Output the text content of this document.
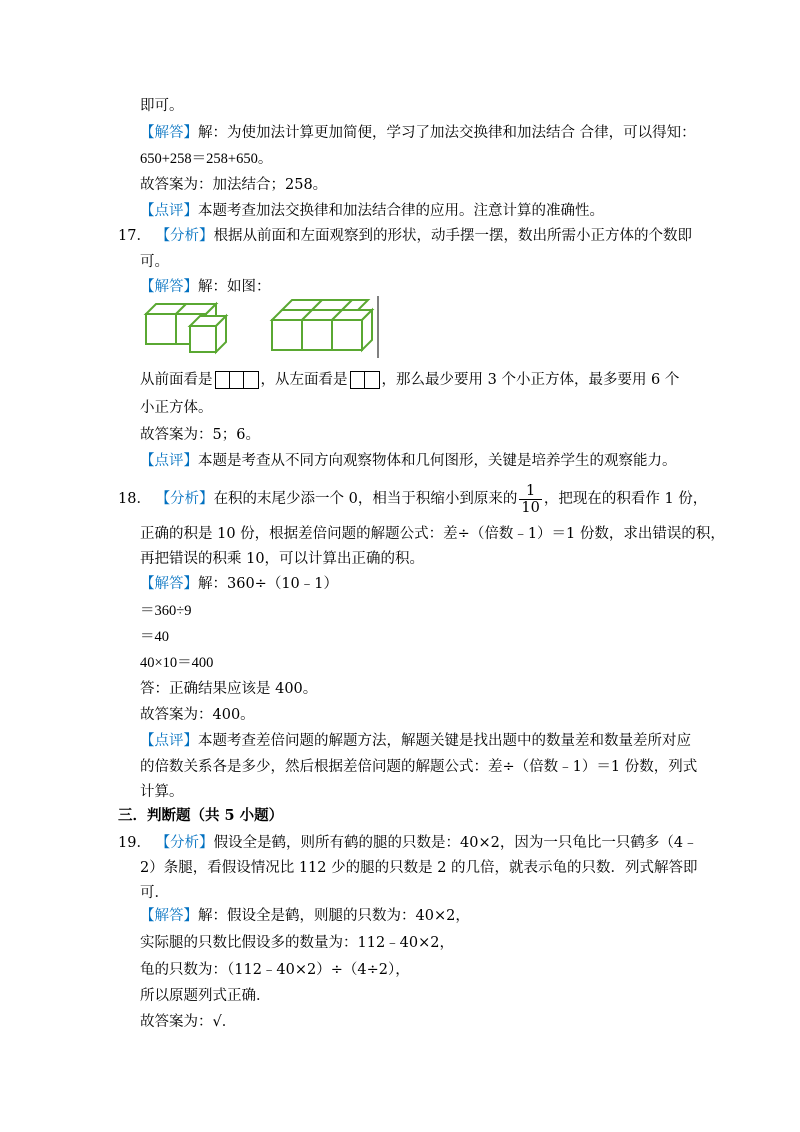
即可。
【解答】解：为使加法计算更加简便，学习了加法交换律和加法结合 合律，可以得知：
650+258＝258+650。
故答案为：加法结合；258。
【点评】本题考查加法交换律和加法结合律的应用。注意计算的准确性。
17． 【分析】根据从前面和左面观察到的形状，动手摆一摆，数出所需小正方体的个数即
可。
【解答】解：如图：
从前面看是	，从左面看是 ，那么最少要用 3 个小正方体，最多要用 6 个
小正方体。
故答案为：5；6。
【点评】本题是考查从不同方向观察物体和几何图形，关键是培养学生的观察能力。
18． 【分析】在积的末尾少添一个 0，相当于积缩小到原来的 $\frac{1}{10}$ ，把现在的积看作 1 份，
正确的积是 10 份，根据差倍问题的解题公式：差÷（倍数﹣1）＝1 份数，求出错误的积，
再把错误的积乘 10，可以计算出正确的积。
【解答】解：360÷（10﹣1）
＝360÷9
＝40
40×10＝400
答：正确结果应该是 400。
故答案为：400。
【点评】本题考查差倍问题的解题方法，解题关键是找出题中的数量差和数量差所对应
的倍数关系各是多少，然后根据差倍问题的解题公式：差÷（倍数﹣1）＝1 份数，列式
计算。
三．判断题（共 5 小题）
19． 【分析】假设全是鹤，则所有鹤的腿的只数是：40×2，因为一只龟比一只鹤多（4﹣
2）条腿，看假设情况比 112 少的腿的只数是 2 的几倍，就表示龟的只数．列式解答即
可．
【解答】解：假设全是鹤，则腿的只数为：40×2，
实际腿的只数比假设多的数量为：112﹣40×2，
龟的只数为：（112﹣40×2）÷（4÷2），
所以原题列式正确．
故答案为：√．
